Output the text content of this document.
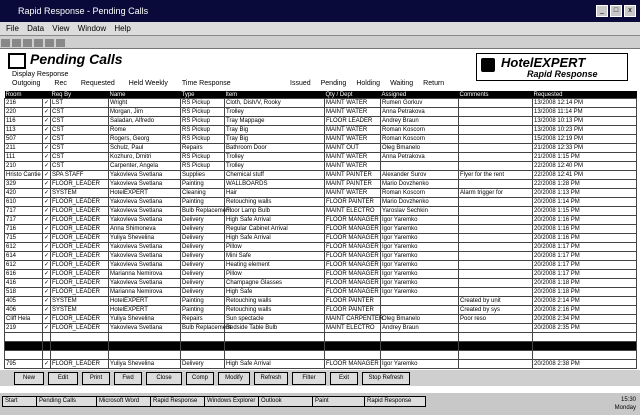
Rapid Response - Pending Calls	_	□	x
File Data View Window Help
Pending Calls
Display Response
Outgoing Rec Requested Held Weekly Time Response	Issued Pending Holding Waiting Return
HotelEXPERT
Rapid Response
Room		Req By	Name	Type	Item	Qty / Dept	Assigned	Comments	Requested
216	✓	LST	Wright	RS Pickup	Cloth, Dish/V, Rooky	MAINT WATER	Rumen Gorkuv		13/2008 12:14 PM
220	✓	CST	Morgan, Jim	RS Pickup	Trolley	MAINT WATER	Anna Petrakova		13/2008 11:14 PM
116	✓	CST	Saladan, Alfredo	RS Pickup	Tray Mappage	FLOOR LEADER	Andrey Braun		13/2008 10:13 PM
113	✓	CST	Rome	RS Pickup	Tray Big	MAINT WATER	Roman Koscorn		13/2008 10:23 PM
507	✓	CST	Rogers, Georg	RS Pickup	Tray Big	MAINT WATER	Roman Koscorn		15/2008 12:19 PM
211	✓	CST	Schulz, Paul	Repairs	Bathroom Door	MAINT OUT	Oleg Bmanelo		21/2008 12:33 PM
111	✓	CST	Kozhuro, Dmitri	RS Pickup	Trolley	MAINT WATER	Anna Petrakova		21/2008 1:15 PM
210	✓	CST	Carpenter, Angela	RS Pickup	Trolley	MAINT WATER			22/2008 12:40 PM
Hristo Cantie	✓	SPA STAFF	Yakovleva Svetlana	Supplies	Chemical stuff	MAINT PAINTER	Alexander Surov	Flyer for the rent	22/2008 12:41 PM
329	✓	FLOOR_LEADER	Yakovleva Svetlana	Painting	WALLBOARDS	MAINT PAINTER	Mario Dovzhenko		22/2008 1:28 PM
420	✓	SYSTEM	HotelEXPERT	Cleaning	Hair	MAINT WATER	Roman Koscorn	Alarm trigger for	20/2008 1:13 PM
610	✓	FLOOR_LEADER	Yakovleva Svetlana	Painting	Retouching walls	FLOOR PAINTER	Mario Dovzhenko		20/2008 1:14 PM
717	✓	FLOOR_LEADER	Yakovleva Svetlana	Bulb Replacement	Floor Lamp Bulb	MAINT ELECTRO	Yaroslav Sechkin		20/2008 1:15 PM
717	✓	FLOOR_LEADER	Yakovleva Svetlana	Delivery	High Safe Arrival	FLOOR MANAGER	Igor Yaremko		20/2008 1:16 PM
716	✓	FLOOR_LEADER	Anna Shimoneva	Delivery	Regular Cabinet Arrival	FLOOR MANAGER	Igor Yaremko		20/2008 1:16 PM
715	✓	FLOOR_LEADER	Yuliya Shevelina	Delivery	High Safe Arrival	FLOOR MANAGER	Igor Yaremko		20/2008 1:16 PM
612	✓	FLOOR_LEADER	Yakovleva Svetlana	Delivery	Pillow	FLOOR MANAGER	Igor Yaremko		20/2008 1:17 PM
614	✓	FLOOR_LEADER	Yakovleva Svetlana	Delivery	Mini Safe	FLOOR MANAGER	Igor Yaremko		20/2008 1:17 PM
612	✓	FLOOR_LEADER	Yakovleva Svetlana	Delivery	Heating element	FLOOR MANAGER	Igor Yaremko		20/2008 1:17 PM
616	✓	FLOOR_LEADER	Marianna Nemirova	Delivery	Pillow	FLOOR MANAGER	Igor Yaremko		20/2008 1:17 PM
416	✓	FLOOR_LEADER	Yakovleva Svetlana	Delivery	Champagne Glasses	FLOOR MANAGER	Igor Yaremko		20/2008 1:18 PM
518	✓	FLOOR_LEADER	Marianna Nemirova	Delivery	High Safe	FLOOR MANAGER	Igor Yaremko		20/2008 1:18 PM
405	✓	SYSTEM	HotelEXPERT	Painting	Retouching walls	FLOOR PAINTER		Created by unit	20/2008 2:14 PM
406	✓	SYSTEM	HotelEXPERT	Painting	Retouching walls	FLOOR PAINTER		Created by sys	20/2008 2:16 PM
Cliff Hela	✓	FLOOR_LEADER	Yuliya Shevelina	Repairs	Sun spectacle	MAINT CARPENTER	Oleg Bmanelo	Poor reso	20/2008 2:34 PM
219	✓	FLOOR_LEADER	Yakovleva Svetlana	Bulb Replacement	Bedside Table Bulb	MAINT ELECTRO	Andrey Braun		20/2008 2:35 PM

795	✓	FLOOR_LEADER	Yuliya Shevelina	Delivery	High Safe Arrival	FLOOR MANAGER	Igor Yaremko		20/2008 2:38 PM
New	Edit	Print	Fwd	Close	Comp	Modify	Refresh	Filter	Exit	Stop Refresh
15:30
Monday
Start	Pending Calls	Microsoft Word	Rapid Response	Windows Explorer Outlook	Paint	Rapid Response
